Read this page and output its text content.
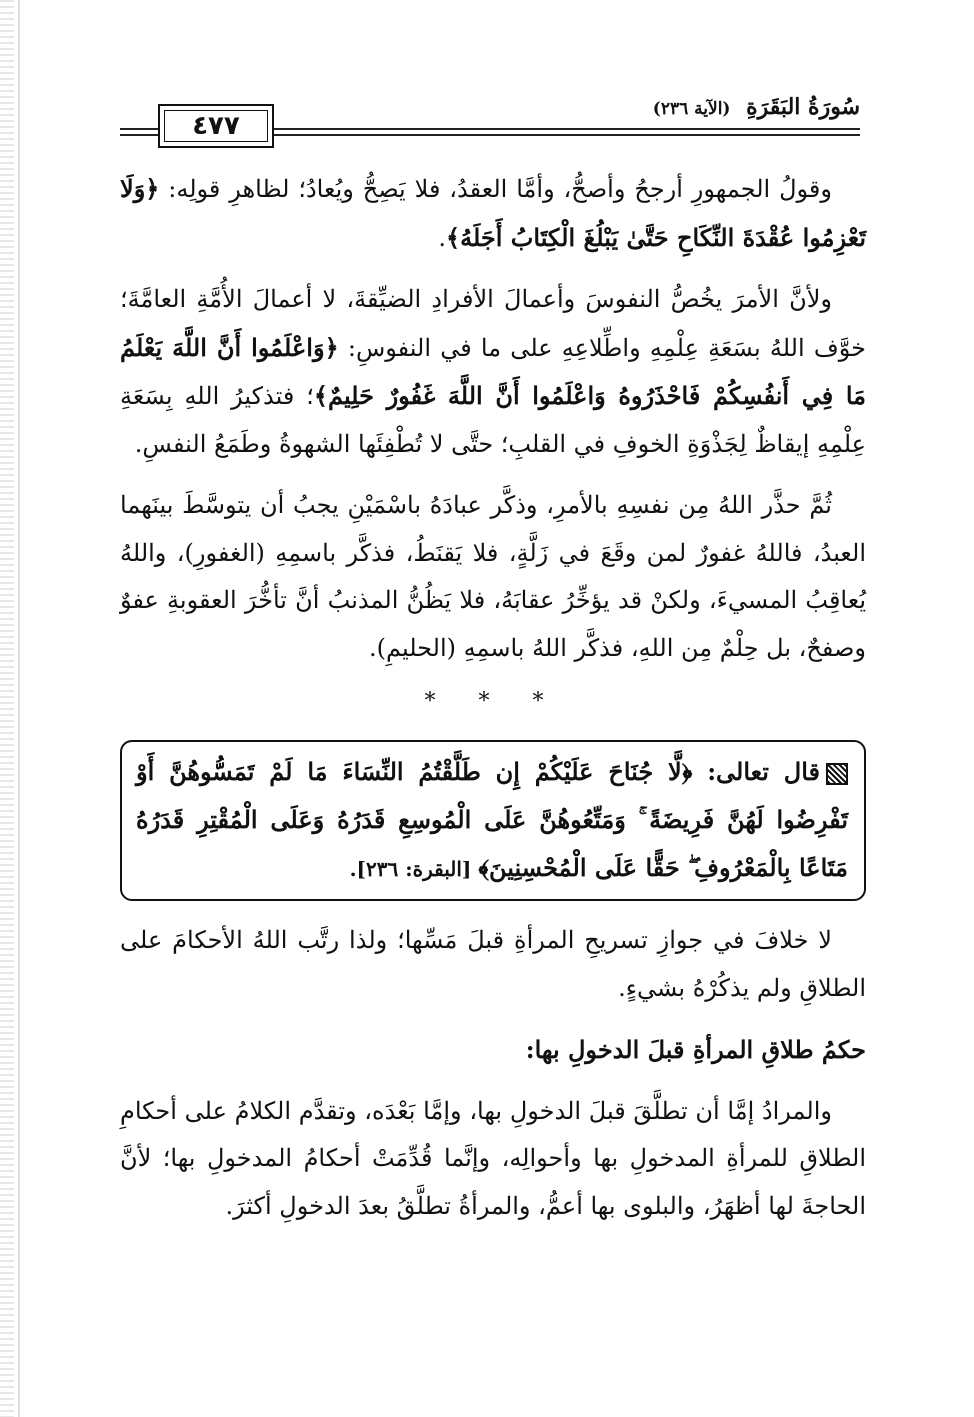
٤٧٧
سُورَةُ البَقَرَةِ (الآية ٢٣٦)

وقولُ الجمهورِ أرجحُ وأصحُّ، وأمَّا العقدُ، فلا يَصِحُّ ويُعادُ؛ لظاهرِ قولِه: ﴿وَلَا تَعْزِمُوا عُقْدَةَ النِّكَاحِ حَتَّىٰ يَبْلُغَ الْكِتَابُ أَجَلَهُ﴾.

ولأنَّ الأمرَ يخُصُّ النفوسَ وأعمالَ الأفرادِ الضيِّقةَ، لا أعمالَ الأُمَّةِ العامَّةَ؛ خوَّف اللهُ بسَعَةِ عِلْمِهِ واطِّلاعِهِ على ما في النفوسِ: ﴿وَاعْلَمُوا أَنَّ اللَّهَ يَعْلَمُ مَا فِي أَنفُسِكُمْ فَاحْذَرُوهُ وَاعْلَمُوا أَنَّ اللَّهَ غَفُورٌ حَلِيمٌ﴾؛ فتذكيرُ اللهِ بِسَعَةِ عِلْمِهِ إيقاظٌ لِجَذْوَةِ الخوفِ في القلبِ؛ حتَّى لا تُطْفِئَها الشهوةُ وطَمَعُ النفسِ.

ثُمَّ حذَّر اللهُ مِن نفسِهِ بالأمرِ، وذكَّر عبادَهُ باسْمَيْنِ يجبُ أن يتوسَّطَ بينَهما العبدُ، فاللهُ غفورٌ لمن وقَعَ في زَلَّةٍ، فلا يَقنَطُ، فذكَّر باسمِهِ (الغفورِ)، واللهُ يُعاقِبُ المسيءَ، ولكنْ قد يؤخِّرُ عقابَهُ، فلا يَظُنُّ المذنبُ أنَّ تأخُّرَ العقوبةِ عفوٌ وصفحٌ، بل حِلْمٌ مِن اللهِ، فذكَّر اللهُ باسمِهِ (الحليمِ).

* * *
قال تعالى: ﴿لَّا جُنَاحَ عَلَيْكُمْ إِن طَلَّقْتُمُ النِّسَاءَ مَا لَمْ تَمَسُّوهُنَّ أَوْ تَفْرِضُوا لَهُنَّ فَرِيضَةً ۚ وَمَتِّعُوهُنَّ عَلَى الْمُوسِعِ قَدَرُهُ وَعَلَى الْمُقْتِرِ قَدَرُهُ مَتَاعًا بِالْمَعْرُوفِ ۖ حَقًّا عَلَى الْمُحْسِنِينَ﴾ [البقرة: ٢٣٦].

لا خلافَ في جوازِ تسريحِ المرأةِ قبلَ مَسِّها؛ ولذا رتَّب اللهُ الأحكامَ على الطلاقِ ولم يذكُرْهُ بشيءٍ.

حكمُ طلاقِ المرأةِ قبلَ الدخولِ بها:

والمرادُ إمَّا أن تطلَّقَ قبلَ الدخولِ بها، وإمَّا بَعْدَه، وتقدَّم الكلامُ على أحكامِ الطلاقِ للمرأةِ المدخولِ بها وأحوالِه، وإنَّما قُدِّمَتْ أحكامُ المدخولِ بها؛ لأنَّ الحاجةَ لها أظهَرُ، والبلوى بها أعمُّ، والمرأةُ تطلَّقُ بعدَ الدخولِ أكثرَ.
